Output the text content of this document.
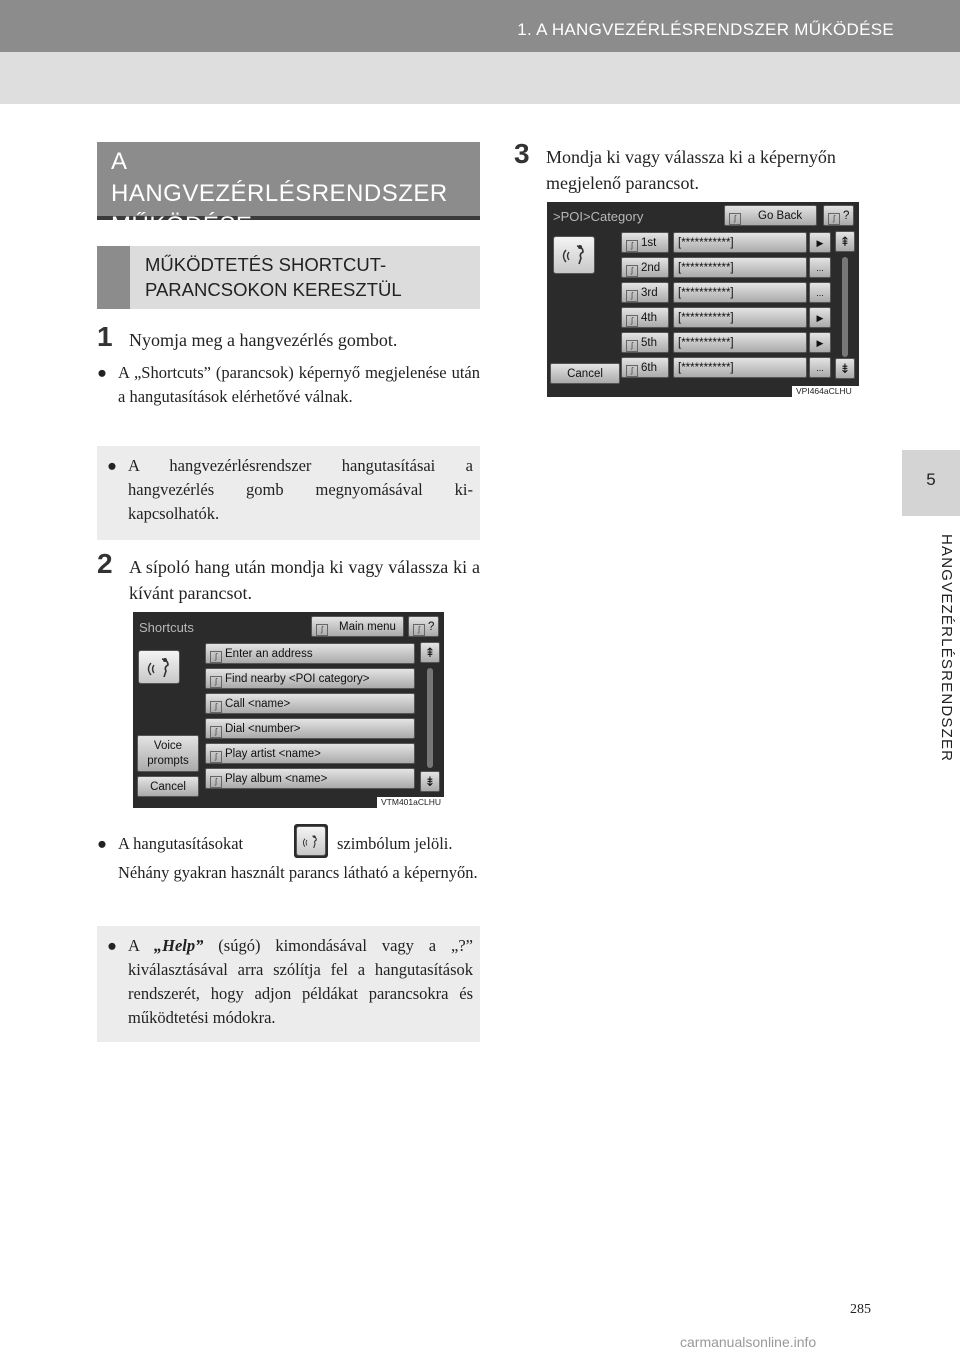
1. A HANGVEZÉRLÉSRENDSZER MŰKÖDÉSE
5
HANGVEZÉRLÉSRENDSZER
A HANGVEZÉRLÉSRENDSZER
MŰKÖDÉSE
MŰKÖDTETÉS SHORTCUT-
PARANCSOKON KERESZTÜL
1 Nyomja meg a hangvezérlés gombot.
● A „Shortcuts” (parancsok) képernyő megjelenése után a hangutasítások elérhetővé válnak.
● A hangvezérlésrendszer hangutasításai a hangvezérlés gomb megnyomásával kikapcsolhatók.
2 A sípoló hang után mondja ki vagy válassza ki a kívánt parancsot.
Shortcuts	ʃ Main menu	ʃ ?
ʃ Enter an address
ʃ Find nearby <POI category>
ʃ Call <name>
ʃ Dial <number>
ʃ Play artist <name>
ʃ Play album <name>
⇞
⇟
Voice
prompts
Cancel
VTM401aCLHU
● A hangutasításokat	szimbólum jelöli.
Néhány gyakran használt parancs látható a képernyőn.
● A „Help” (súgó) kimondásával vagy a „?” kiválasztásával arra szólítja fel a hangutasítások rendszerét, hogy adjon példákat parancsokra és működtetési módokra.
3 Mondja ki vagy válassza ki a képernyőn megjelenő parancsot.
>POI>Category	ʃ Go Back	ʃ ?
ʃ 1st	[***********]	▶
ʃ 2nd	[***********]	...
ʃ 3rd	[***********]	...
ʃ 4th	[***********]	▶
ʃ 5th	[***********]	▶
ʃ 6th	[***********]	...
⇞
⇟
Cancel
VPI464aCLHU
285
carmanualsonline.info
